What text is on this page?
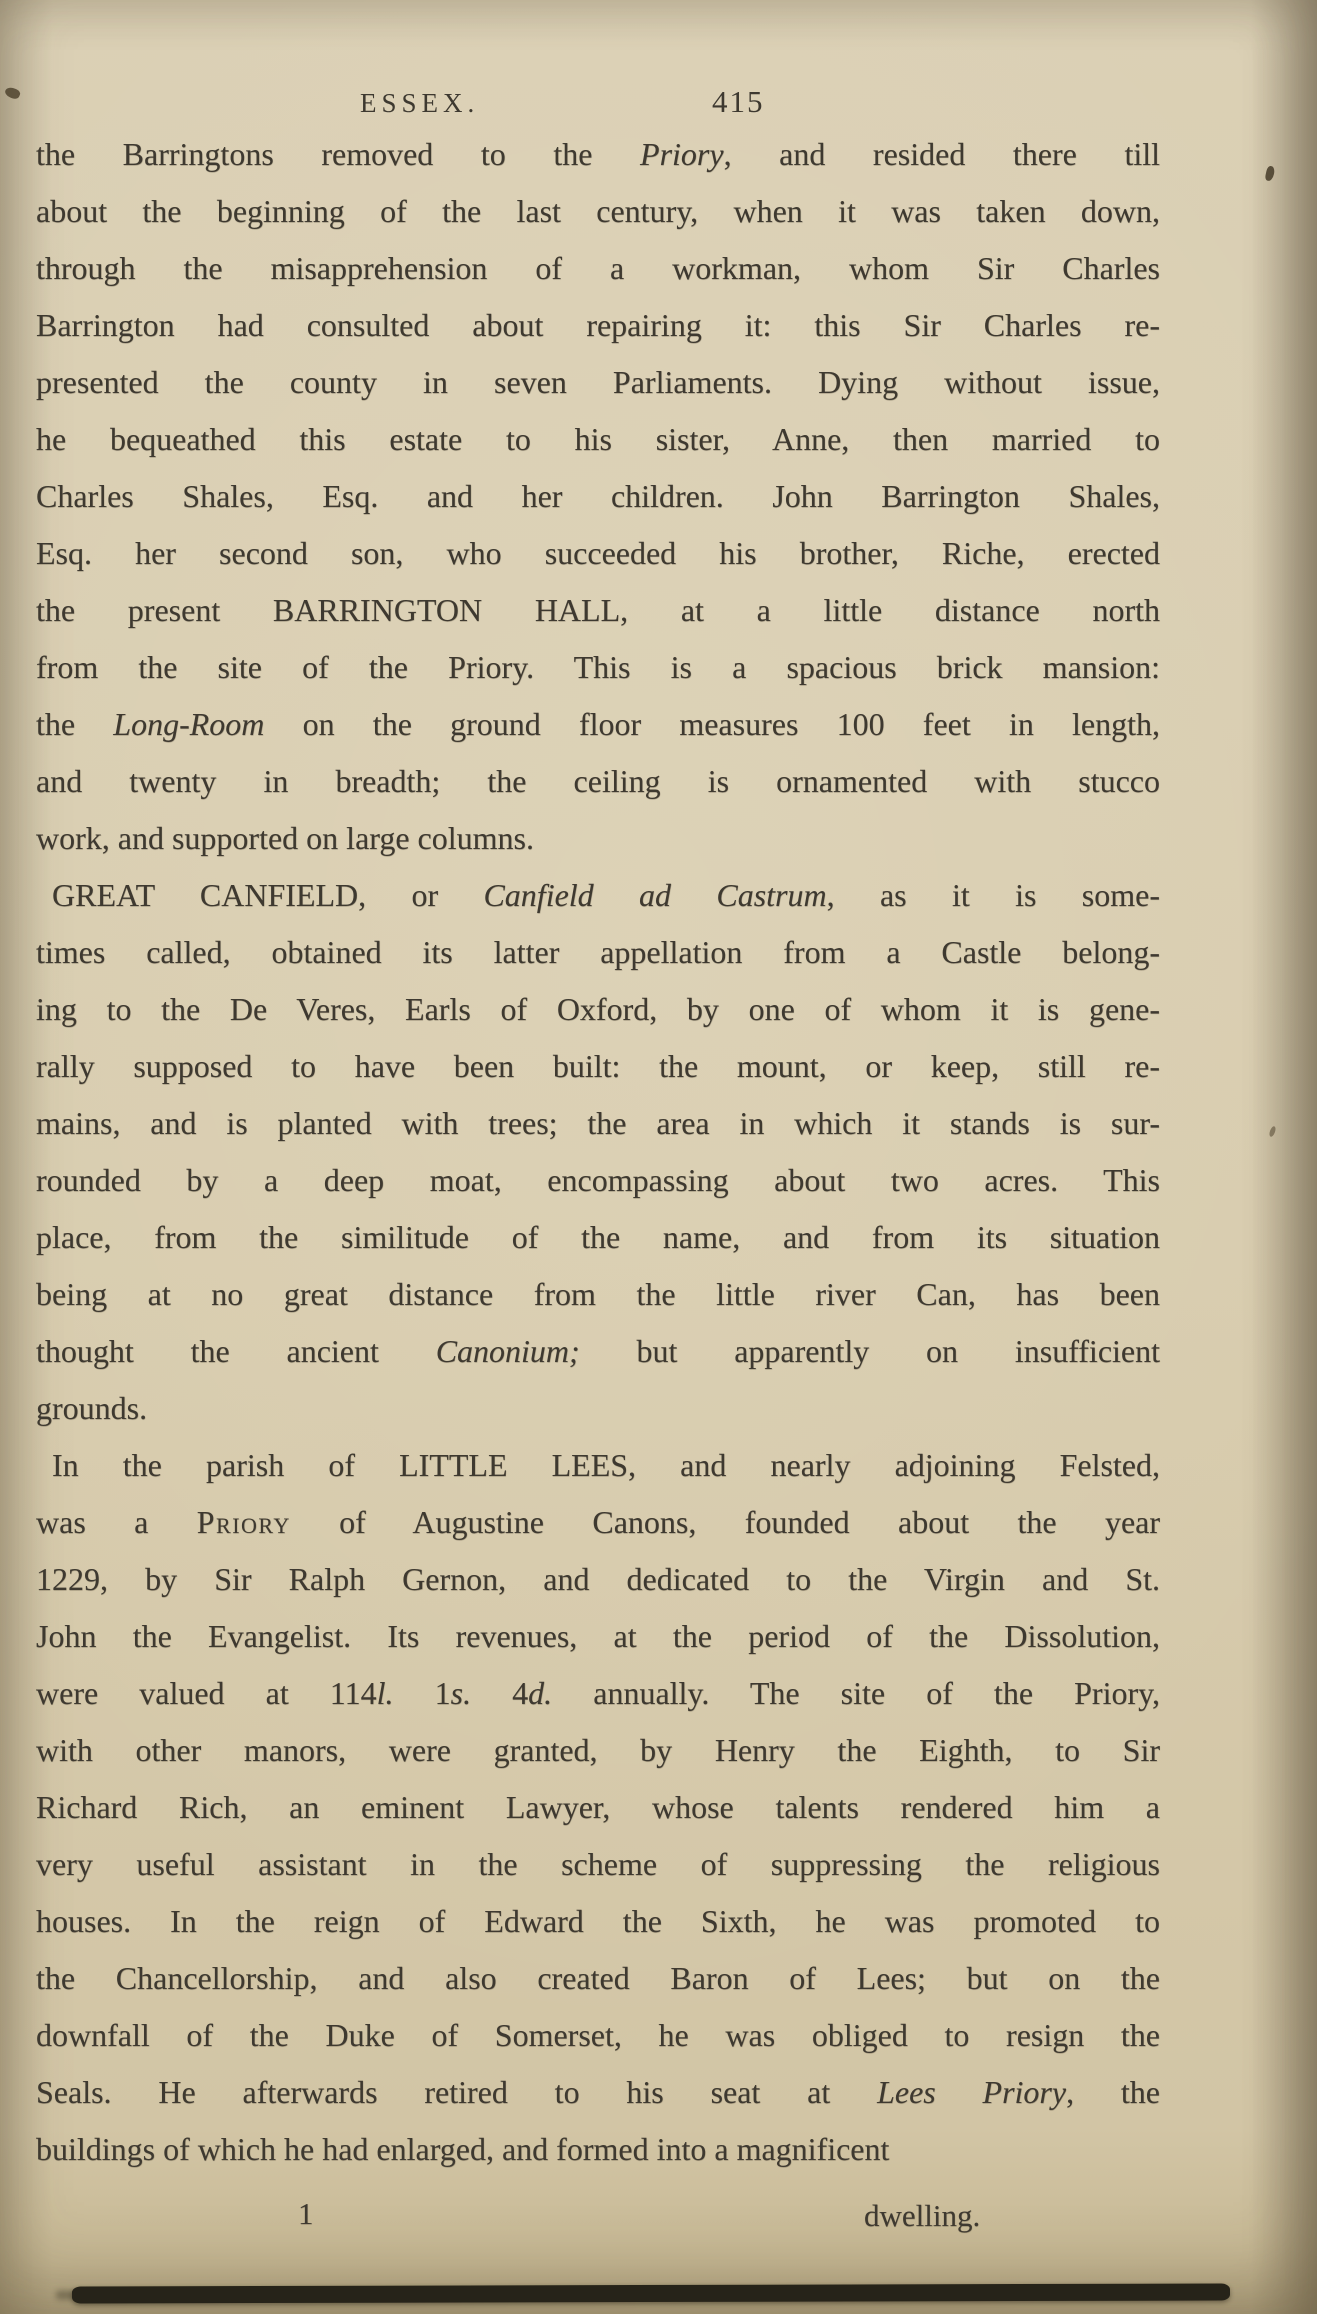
ESSEX.	415
the Barringtons removed to the Priory, and resided there till
about the beginning of the last century, when it was taken down,
through the misapprehension of a workman, whom Sir Charles
Barrington had consulted about repairing it: this Sir Charles re-
presented the county in seven Parliaments. Dying without issue,
he bequeathed this estate to his sister, Anne, then married to
Charles Shales, Esq. and her children. John Barrington Shales,
Esq. her second son, who succeeded his brother, Riche, erected
the present BARRINGTON HALL, at a little distance north
from the site of the Priory. This is a spacious brick mansion:
the Long-Room on the ground floor measures 100 feet in length,
and twenty in breadth; the ceiling is ornamented with stucco
work, and supported on large columns.
GREAT CANFIELD, or Canfield ad Castrum, as it is some-
times called, obtained its latter appellation from a Castle belong-
ing to the De Veres, Earls of Oxford, by one of whom it is gene-
rally supposed to have been built: the mount, or keep, still re-
mains, and is planted with trees; the area in which it stands is sur-
rounded by a deep moat, encompassing about two acres. This
place, from the similitude of the name, and from its situation
being at no great distance from the little river Can, has been
thought the ancient Canonium; but apparently on insufficient
grounds.
In the parish of LITTLE LEES, and nearly adjoining Felsted,
was a Priory of Augustine Canons, founded about the year
1229, by Sir Ralph Gernon, and dedicated to the Virgin and St.
John the Evangelist. Its revenues, at the period of the Dissolution,
were valued at 114l. 1s. 4d. annually. The site of the Priory,
with other manors, were granted, by Henry the Eighth, to Sir
Richard Rich, an eminent Lawyer, whose talents rendered him a
very useful assistant in the scheme of suppressing the religious
houses. In the reign of Edward the Sixth, he was promoted to
the Chancellorship, and also created Baron of Lees; but on the
downfall of the Duke of Somerset, he was obliged to resign the
Seals. He afterwards retired to his seat at Lees Priory, the
buildings of which he had enlarged, and formed into a magnificent
1	dwelling.
